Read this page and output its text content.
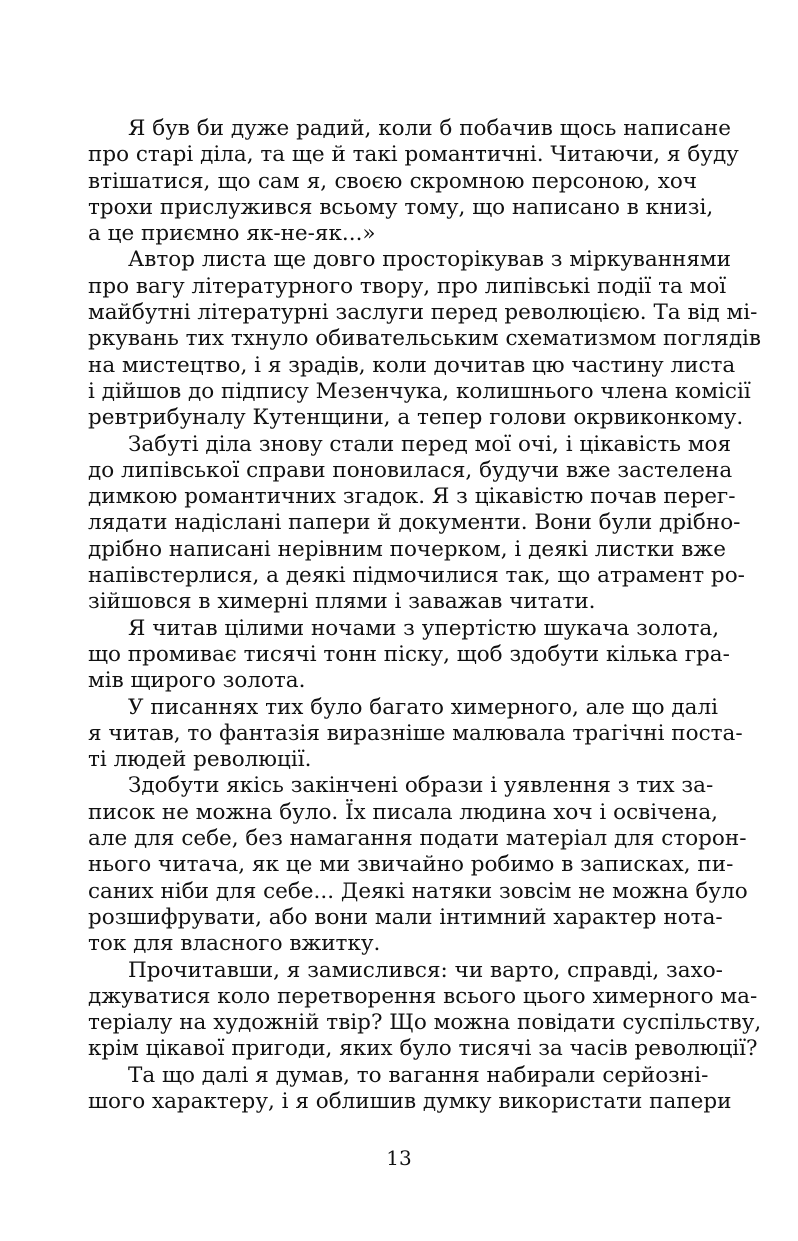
Я був би дуже радий, коли б побачив щось написане
про старі діла, та ще й такі романтичні. Читаючи, я буду
втішатися, що сам я, своєю скромною персоною, хоч
трохи прислужився всьому тому, що написано в книзі,
а це приємно як-не-як...»
Автор листа ще довго просторікував з міркуваннями
про вагу літературного твору, про липівські події та мої
майбутні літературні заслуги перед революцією. Та від мі-
ркувань тих тхнуло обивательським схематизмом поглядів
на мистецтво, і я зрадів, коли дочитав цю частину листа
і дійшов до підпису Мезенчука, колишнього члена комісії
ревтрибуналу Кутенщини, а тепер голови окрвиконкому.
Забуті діла знову стали перед мої очі, і цікавість моя
до липівської справи поновилася, будучи вже застелена
димкою романтичних згадок. Я з цікавістю почав перег-
лядати надіслані папери й документи. Вони були дрібно-
дрібно написані нерівним почерком, і деякі листки вже
напівстерлися, а деякі підмочилися так, що атрамент ро-
зійшовся в химерні плями і заважав читати.
Я читав цілими ночами з упертістю шукача золота,
що промиває тисячі тонн піску, щоб здобути кілька гра-
мів щирого золота.
У писаннях тих було багато химерного, але що далі
я читав, то фантазія виразніше малювала трагічні поста-
ті людей революції.
Здобути якісь закінчені образи і уявлення з тих за-
писок не можна було. Їх писала людина хоч і освічена,
але для себе, без намагання подати матеріал для сторон-
нього читача, як це ми звичайно робимо в записках, пи-
саних ніби для себе... Деякі натяки зовсім не можна було
розшифрувати, або вони мали інтимний характер нота-
ток для власного вжитку.
Прочитавши, я замислився: чи варто, справді, захо-
джуватися коло перетворення всього цього химерного ма-
теріалу на художній твір? Що можна повідати суспільству,
крім цікавої пригоди, яких було тисячі за часів революції?
Та що далі я думав, то вагання набирали серйозні-
шого характеру, і я облишив думку використати папери
13
